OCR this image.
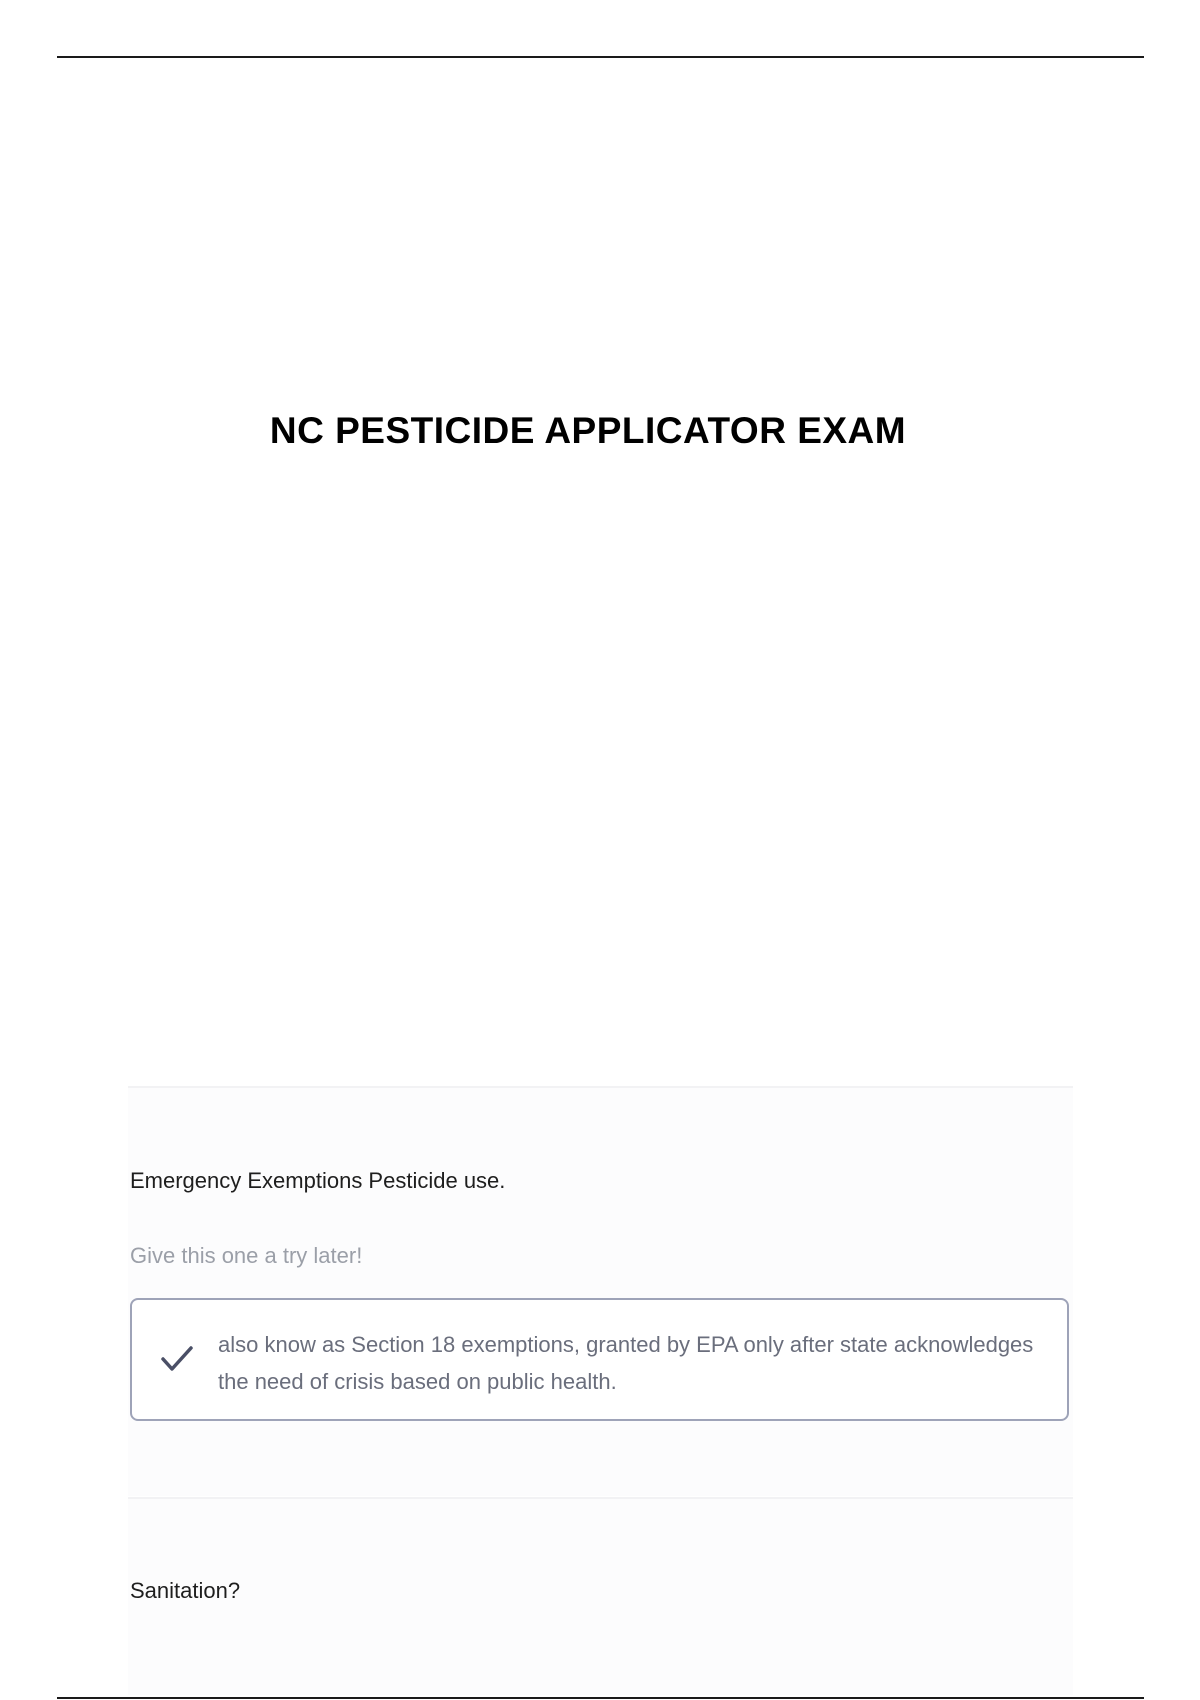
NC PESTICIDE APPLICATOR EXAM

Emergency Exemptions Pesticide use.

Give this one a try later!

also know as Section 18 exemptions, granted by EPA only after state acknowledges the need of crisis based on public health.

Sanitation?
